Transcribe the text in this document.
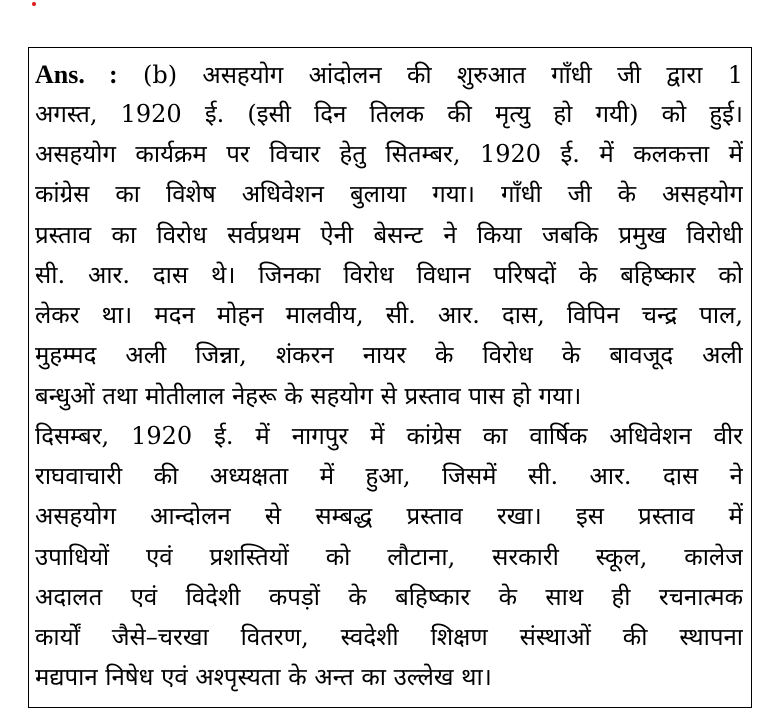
Ans. : (b) असहयोग आंदोलन की शुरुआत गाँधी जी द्वारा 1
अगस्त, 1920 ई. (इसी दिन तिलक की मृत्यु हो गयी) को हुई।
असहयोग कार्यक्रम पर विचार हेतु सितम्बर, 1920 ई. में कलकत्ता में
कांग्रेस का विशेष अधिवेशन बुलाया गया। गाँधी जी के असहयोग
प्रस्ताव का विरोध सर्वप्रथम ऐनी बेसन्ट ने किया जबकि प्रमुख विरोधी
सी. आर. दास थे। जिनका विरोध विधान परिषदों के बहिष्कार को
लेकर था। मदन मोहन मालवीय, सी. आर. दास, विपिन चन्द्र पाल,
मुहम्मद अली जिन्ना, शंकरन नायर के विरोध के बावजूद अली
बन्धुओं तथा मोतीलाल नेहरू के सहयोग से प्रस्ताव पास हो गया।
दिसम्बर, 1920 ई. में नागपुर में कांग्रेस का वार्षिक अधिवेशन वीर
राघवाचारी की अध्यक्षता में हुआ, जिसमें सी. आर. दास ने
असहयोग आन्दोलन से सम्बद्ध प्रस्ताव रखा। इस प्रस्ताव में
उपाधियों एवं प्रशस्तियों को लौटाना, सरकारी स्कूल, कालेज
अदालत एवं विदेशी कपड़ों के बहिष्कार के साथ ही रचनात्मक
कार्यों जैसे–चरखा वितरण, स्वदेशी शिक्षण संस्थाओं की स्थापना
मद्यपान निषेध एवं अश्पृस्यता के अन्त का उल्लेख था।
